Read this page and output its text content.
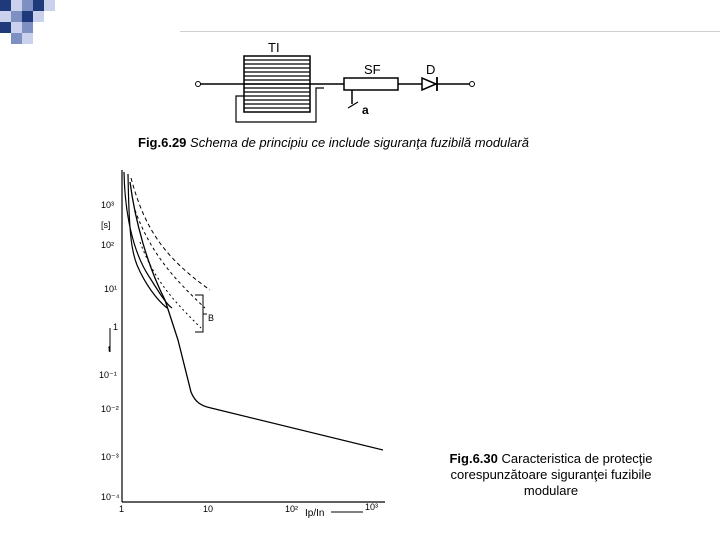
TI
SF	D
a
Fig.6.29 Schema de principiu ce include siguranţa fuzibilă modulară
10³
[s]
10²
10¹
1
t
10⁻¹
10⁻²
10⁻³
10⁻⁴
1	10	10² Ip/In
10³
B
Fig.6.30 Caracteristica de protecţie corespunzătoare siguranţei fuzibile modulare
